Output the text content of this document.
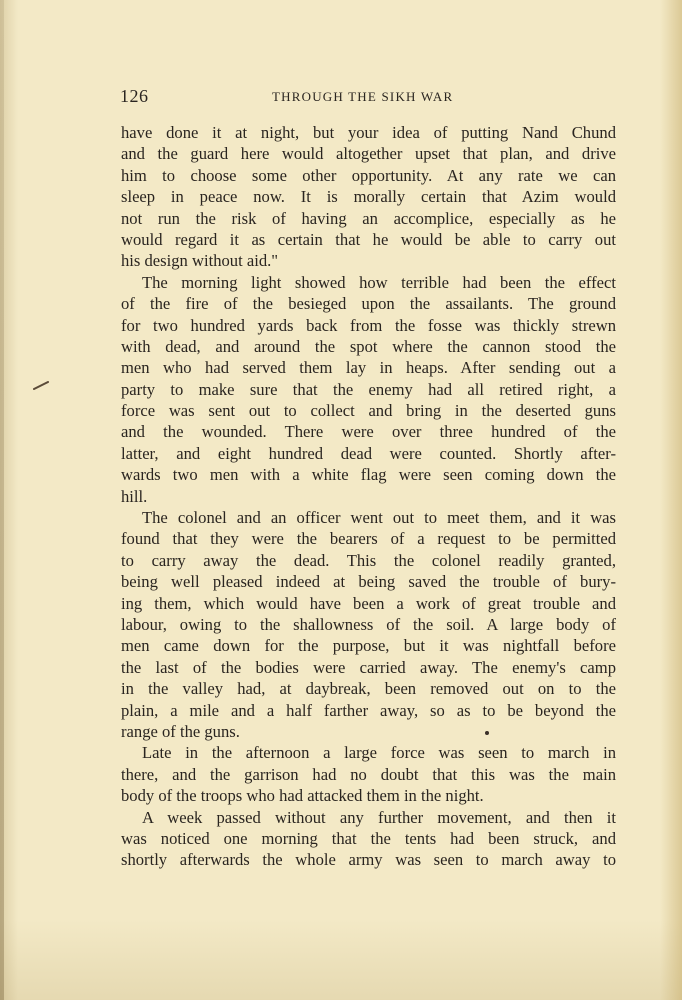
126	THROUGH THE SIKH WAR
have done it at night, but your idea of putting Nand Chund
and the guard here would altogether upset that plan, and drive
him to choose some other opportunity. At any rate we can
sleep in peace now. It is morally certain that Azim would
not run the risk of having an accomplice, especially as he
would regard it as certain that he would be able to carry out
his design without aid."
The morning light showed how terrible had been the effect
of the fire of the besieged upon the assailants. The ground
for two hundred yards back from the fosse was thickly strewn
with dead, and around the spot where the cannon stood the
men who had served them lay in heaps. After sending out a
party to make sure that the enemy had all retired right, a
force was sent out to collect and bring in the deserted guns
and the wounded. There were over three hundred of the
latter, and eight hundred dead were counted. Shortly after-
wards two men with a white flag were seen coming down the
hill.
The colonel and an officer went out to meet them, and it was
found that they were the bearers of a request to be permitted
to carry away the dead. This the colonel readily granted,
being well pleased indeed at being saved the trouble of bury-
ing them, which would have been a work of great trouble and
labour, owing to the shallowness of the soil. A large body of
men came down for the purpose, but it was nightfall before
the last of the bodies were carried away. The enemy's camp
in the valley had, at daybreak, been removed out on to the
plain, a mile and a half farther away, so as to be beyond the
range of the guns.
Late in the afternoon a large force was seen to march in
there, and the garrison had no doubt that this was the main
body of the troops who had attacked them in the night.
A week passed without any further movement, and then it
was noticed one morning that the tents had been struck, and
shortly afterwards the whole army was seen to march away to
